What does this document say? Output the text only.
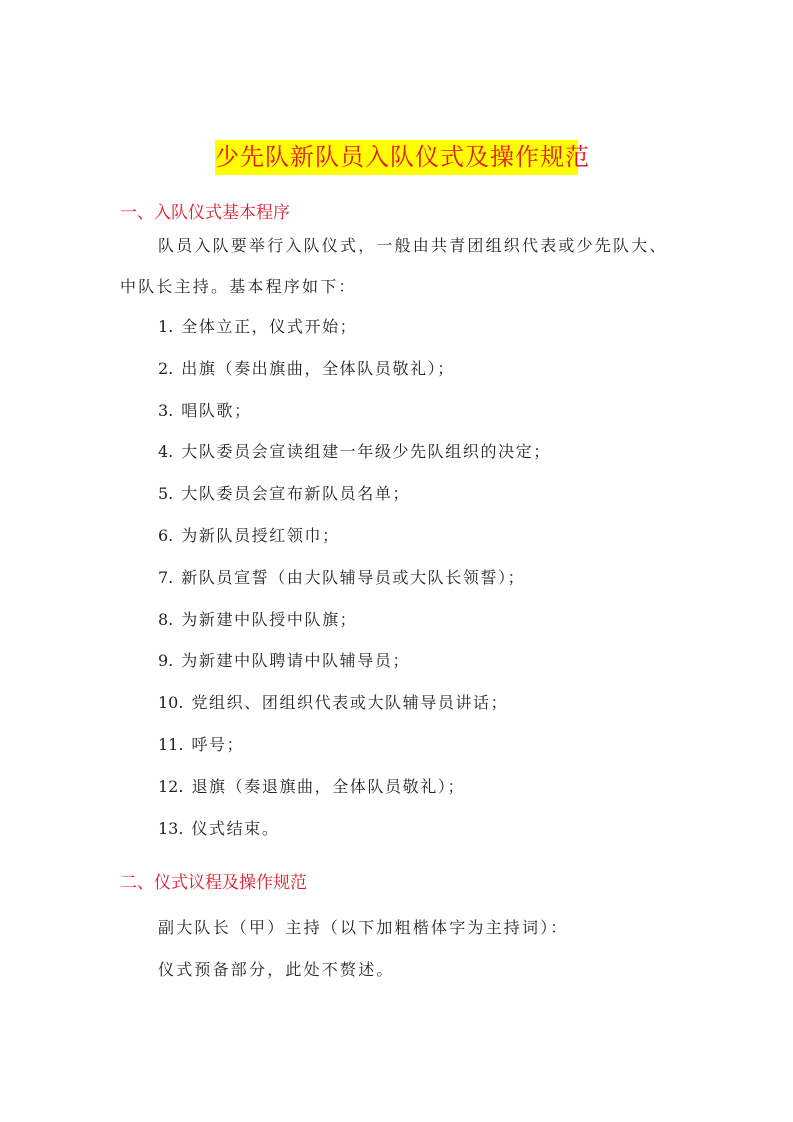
少先队新队员入队仪式及操作规范
一、入队仪式基本程序
队员入队要举行入队仪式，一般由共青团组织代表或少先队大、
中队长主持。基本程序如下：
1. 全体立正，仪式开始；
2. 出旗（奏出旗曲，全体队员敬礼）；
3. 唱队歌；
4. 大队委员会宣读组建一年级少先队组织的决定；
5. 大队委员会宣布新队员名单；
6. 为新队员授红领巾；
7. 新队员宣誓（由大队辅导员或大队长领誓）；
8. 为新建中队授中队旗；
9. 为新建中队聘请中队辅导员；
10. 党组织、团组织代表或大队辅导员讲话；
11. 呼号；
12. 退旗（奏退旗曲，全体队员敬礼）；
13. 仪式结束。
二、仪式议程及操作规范
副大队长（甲）主持（以下加粗楷体字为主持词）：
仪式预备部分，此处不赘述。
